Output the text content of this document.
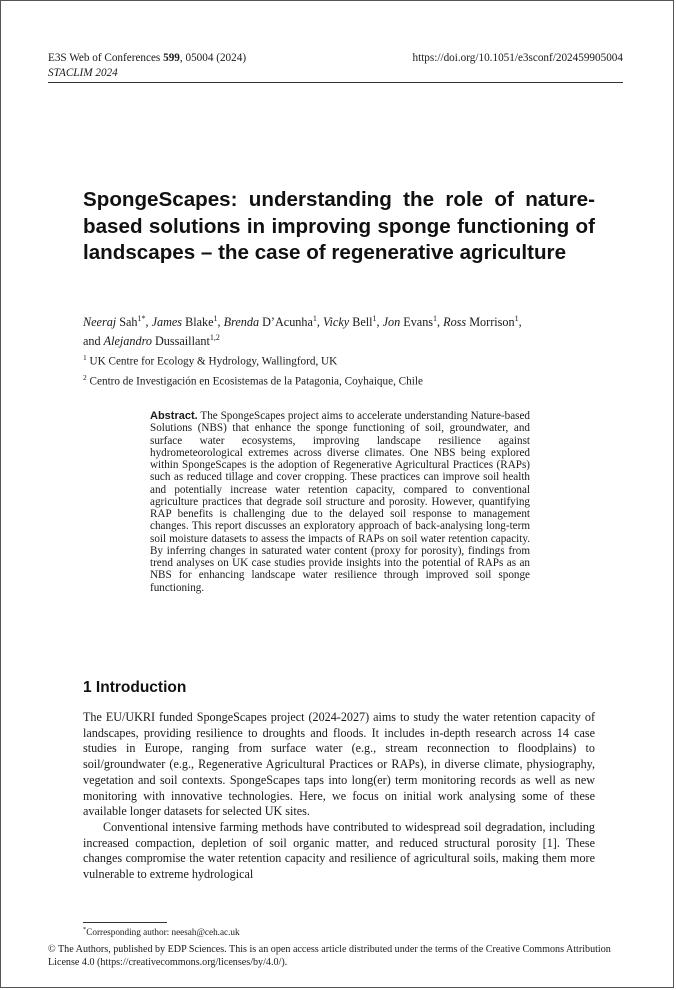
E3S Web of Conferences 599, 05004 (2024)	https://doi.org/10.1051/e3sconf/202459905004
STACLIM 2024
SpongeScapes: understanding the role of nature-based solutions in improving sponge functioning of landscapes – the case of regenerative agriculture
Neeraj Sah$^{1*}$, James Blake$^1$, Brenda D’Acunha$^1$, Vicky Bell$^1$, Jon Evans$^1$, Ross Morrison$^1$,
and Alejandro Dussaillant$^{1,2}$
$^1$ UK Centre for Ecology & Hydrology, Wallingford, UK
$^2$ Centro de Investigación en Ecosistemas de la Patagonia, Coyhaique, Chile
Abstract. The SpongeScapes project aims to accelerate understanding Nature-based Solutions (NBS) that enhance the sponge functioning of soil, groundwater, and surface water ecosystems, improving landscape resilience against hydrometeorological extremes across diverse climates. One NBS being explored within SpongeScapes is the adoption of Regenerative Agricultural Practices (RAPs) such as reduced tillage and cover cropping. These practices can improve soil health and potentially increase water retention capacity, compared to conventional agriculture practices that degrade soil structure and porosity. However, quantifying RAP benefits is challenging due to the delayed soil response to management changes. This report discusses an exploratory approach of back-analysing long-term soil moisture datasets to assess the impacts of RAPs on soil water retention capacity. By inferring changes in saturated water content (proxy for porosity), findings from trend analyses on UK case studies provide insights into the potential of RAPs as an NBS for enhancing landscape water resilience through improved soil sponge functioning.
1 Introduction

The EU/UKRI funded SpongeScapes project (2024-2027) aims to study the water retention capacity of landscapes, providing resilience to droughts and floods. It includes in-depth research across 14 case studies in Europe, ranging from surface water (e.g., stream reconnection to floodplains) to soil/groundwater (e.g., Regenerative Agricultural Practices or RAPs), in diverse climate, physiography, vegetation and soil contexts. SpongeScapes taps into long(er) term monitoring records as well as new monitoring with innovative technologies. Here, we focus on initial work analysing some of these available longer datasets for selected UK sites.

Conventional intensive farming methods have contributed to widespread soil degradation, including increased compaction, depletion of soil organic matter, and reduced structural porosity [1]. These changes compromise the water retention capacity and resilience of agricultural soils, making them more vulnerable to extreme hydrological

*Corresponding author: neesah@ceh.ac.uk
© The Authors, published by EDP Sciences. This is an open access article distributed under the terms of the Creative Commons Attribution License 4.0 (https://creativecommons.org/licenses/by/4.0/).
